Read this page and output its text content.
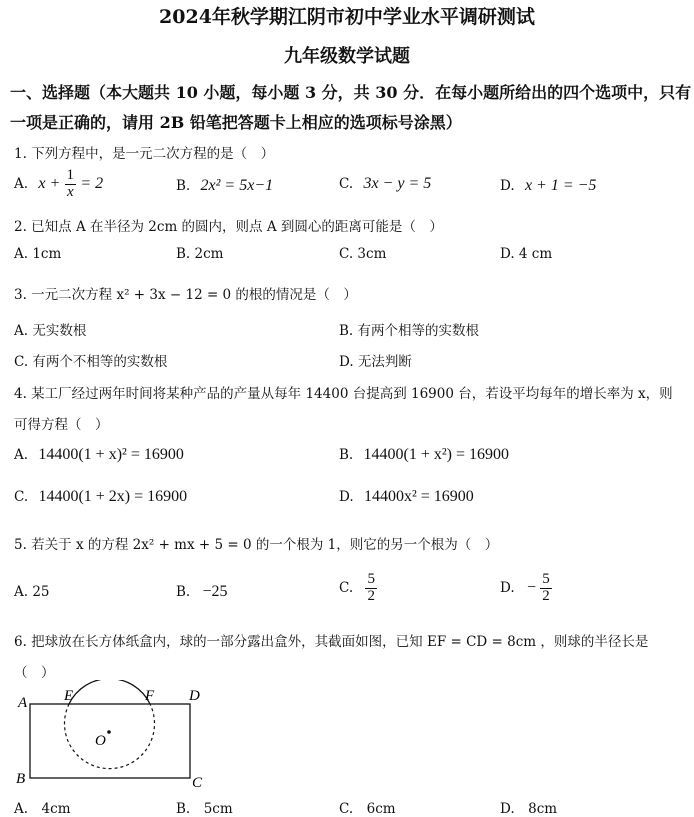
2024年秋学期江阴市初中学业水平调研测试
九年级数学试题
一、选择题（本大题共 10 小题，每小题 3 分，共 30 分．在每小题所给出的四个选项中，只有
一项是正确的，请用 2B 铅笔把答题卡上相应的选项标号涂黑）
1. 下列方程中，是一元二次方程的是（　）
A. $x + \frac{1}{x} = 2$	B. 2x² = 5x−1	C. 3x − y = 5	D. x + 1 = −5
2. 已知点 A 在半径为 2cm 的圆内，则点 A 到圆心的距离可能是（　）
A. 1cm	B. 2cm	C. 3cm	D. 4 cm
3. 一元二次方程 x² + 3x − 12 = 0 的根的情况是（　）
A. 无实数根	B. 有两个相等的实数根
C. 有两个不相等的实数根	D. 无法判断
4. 某工厂经过两年时间将某种产品的产量从每年 14400 台提高到 16900 台，若设平均每年的增长率为 x，则
可得方程（　）
A. 14400(1 + x)² = 16900	B. 14400(1 + x²) = 16900
C. 14400(1 + 2x) = 16900	D. 14400x² = 16900
5. 若关于 x 的方程 2x² + mx + 5 = 0 的一个根为 1，则它的另一个根为（　）
A. 25	B. −25	C. $\frac{5}{2}$	D. − $\frac{5}{2}$
6. 把球放在长方体纸盒内，球的一部分露出盒外，其截面如图，已知 EF = CD = 8cm ，则球的半径长是
（　）
A E	F D
O
B	C
A.　4cm	B.　5cm	C.　6cm	D.　8cm
